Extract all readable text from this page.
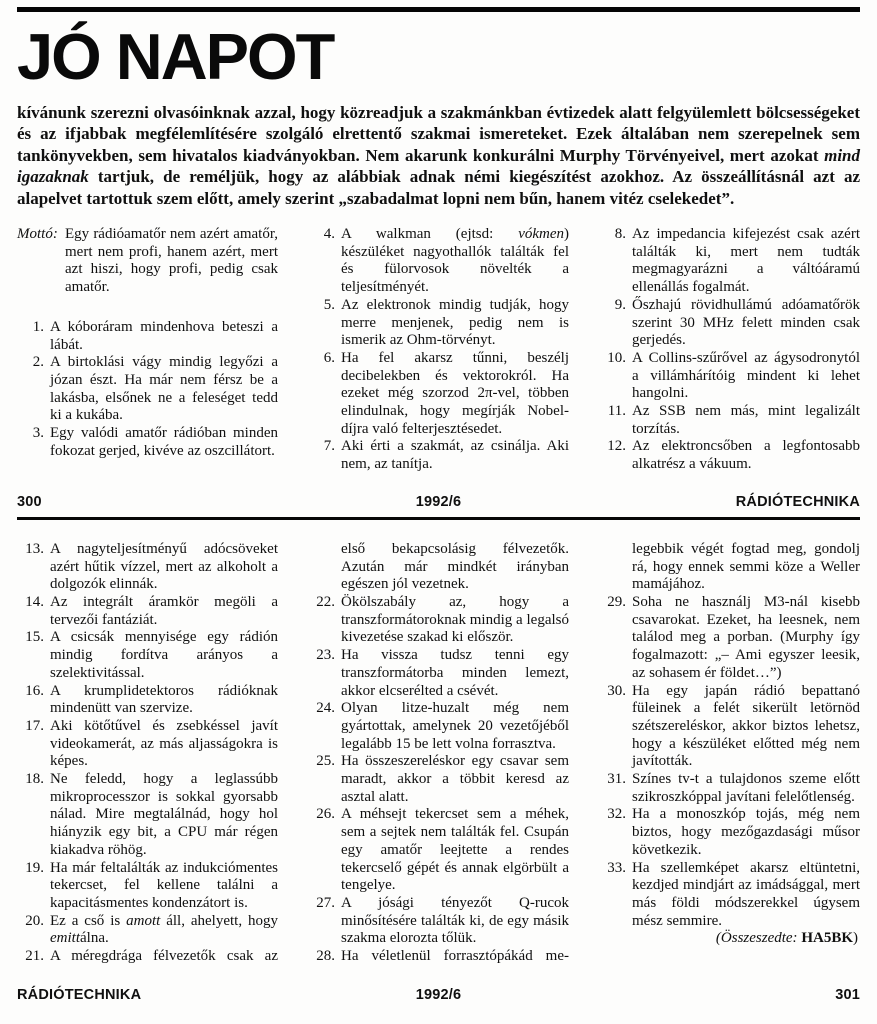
JÓ NAPOT

kívánunk szerezni olvasóinknak azzal, hogy közreadjuk a szakmánkban évtizedek alatt felgyülemlett bölcsességeket és az ifjabbak megfélemlítésére szolgáló elrettentő szakmai ismereteket. Ezek általában nem szerepelnek sem tankönyvekben, sem hivatalos kiadványokban. Nem akarunk konkurálni Murphy Törvényeivel, mert azokat mind igazaknak tartjuk, de reméljük, hogy az alábbiak adnak némi kiegészítést azokhoz. Az összeállításnál azt az alapelvet tartottuk szem előtt, amely szerint „szabadalmat lopni nem bűn, hanem vitéz cselekedet”.

Mottó: Egy rádióamatőr nem azért amatőr, mert nem profi, hanem azért, mert azt hiszi, hogy profi, pedig csak amatőr.
1. A kóboráram mindenhova beteszi a lábát.
2. A birtoklási vágy mindig legyőzi a józan észt. Ha már nem férsz be a lakásba, elsőnek ne a feleséget tedd ki a kukába.
3. Egy valódi amatőr rádióban minden fokozat gerjed, kivéve az oszcillátort.
4. A walkman (ejtsd: vókmen) készüléket nagyothallók találták fel és fülorvosok növelték a teljesítményét.
5. Az elektronok mindig tudják, hogy merre menjenek, pedig nem is ismerik az Ohm-törvényt.
6. Ha fel akarsz tűnni, beszélj decibelekben és vektorokról. Ha ezeket még szorzod 2π-vel, többen elindulnak, hogy megírják Nobel-díjra való felterjesztésedet.
7. Aki érti a szakmát, az csinálja. Aki nem, az tanítja.
8. Az impedancia kifejezést csak azért találták ki, mert nem tudták megmagyarázni a váltóáramú ellenállás fogalmát.
9. Őszhajú rövidhullámú adóamatőrök szerint 30 MHz felett minden csak gerjedés.
10. A Collins-szűrővel az ágysodronytól a villámhárítóig mindent ki lehet hangolni.
11. Az SSB nem más, mint legalizált torzítás.
12. Az elektroncsőben a legfontosabb alkatrész a vákuum.
300	1992/6	RÁDIÓTECHNIKA
13. A nagyteljesítményű adócsöveket azért hűtik vízzel, mert az alkoholt a dolgozók elinnák.
14. Az integrált áramkör megöli a tervezői fantáziát.
15. A csicsák mennyisége egy rádión mindig fordítva arányos a szelektivitással.
16. A krumplidetektoros rádióknak mindenütt van szervize.
17. Aki kötőtűvel és zsebkéssel javít videokamerát, az más aljasságokra is képes.
18. Ne feledd, hogy a leglassúbb mikroprocesszor is sokkal gyorsabb nálad. Mire megtalálnád, hogy hol hiányzik egy bit, a CPU már régen kiakadva röhög.
19. Ha már feltalálták az indukciómentes tekercset, fel kellene találni a kapacitásmentes kondenzátort is.
20. Ez a cső is amott áll, ahelyett, hogy emittálna.
21. A méregdrága félvezetők csak az
első bekapcsolásig félvezetők. Azután már mindkét irányban egészen jól vezetnek.
22. Ökölszabály az, hogy a transzformátoroknak mindig a legalsó kivezetése szakad ki először.
23. Ha vissza tudsz tenni egy transzformátorba minden lemezt, akkor elcserélted a csévét.
24. Olyan litze-huzalt még nem gyártottak, amelynek 20 vezetőjéből legalább 15 be lett volna forrasztva.
25. Ha összeszereléskor egy csavar sem maradt, akkor a többit keresd az asztal alatt.
26. A méhsejt tekercset sem a méhek, sem a sejtek nem találták fel. Csupán egy amatőr leejtette a rendes tekercselő gépét és annak elgörbült a tengelye.
27. A jósági tényezőt Q-rucok minősítésére találták ki, de egy másik szakma elorozta tőlük.
28. Ha véletlenül forrasztópákád me-
legebbik végét fogtad meg, gondolj rá, hogy ennek semmi köze a Weller mamájához.
29. Soha ne használj M3-nál kisebb csavarokat. Ezeket, ha leesnek, nem találod meg a porban. (Murphy így fogalmazott: „– Ami egyszer leesik, az sohasem ér földet…”)
30. Ha egy japán rádió bepattanó füleinek a felét sikerült letörnöd szétszereléskor, akkor biztos lehetsz, hogy a készüléket előtted még nem javították.
31. Színes tv-t a tulajdonos szeme előtt szikroszkóppal javítani felelőtlenség.
32. Ha a monoszkóp tojás, még nem biztos, hogy mezőgazdasági műsor következik.
33. Ha szellemképet akarsz eltüntetni, kezdjed mindjárt az imádsággal, mert más földi módszerekkel úgysem mész semmire.
(Összeszedte: HA5BK)
RÁDIÓTECHNIKA	1992/6	301
